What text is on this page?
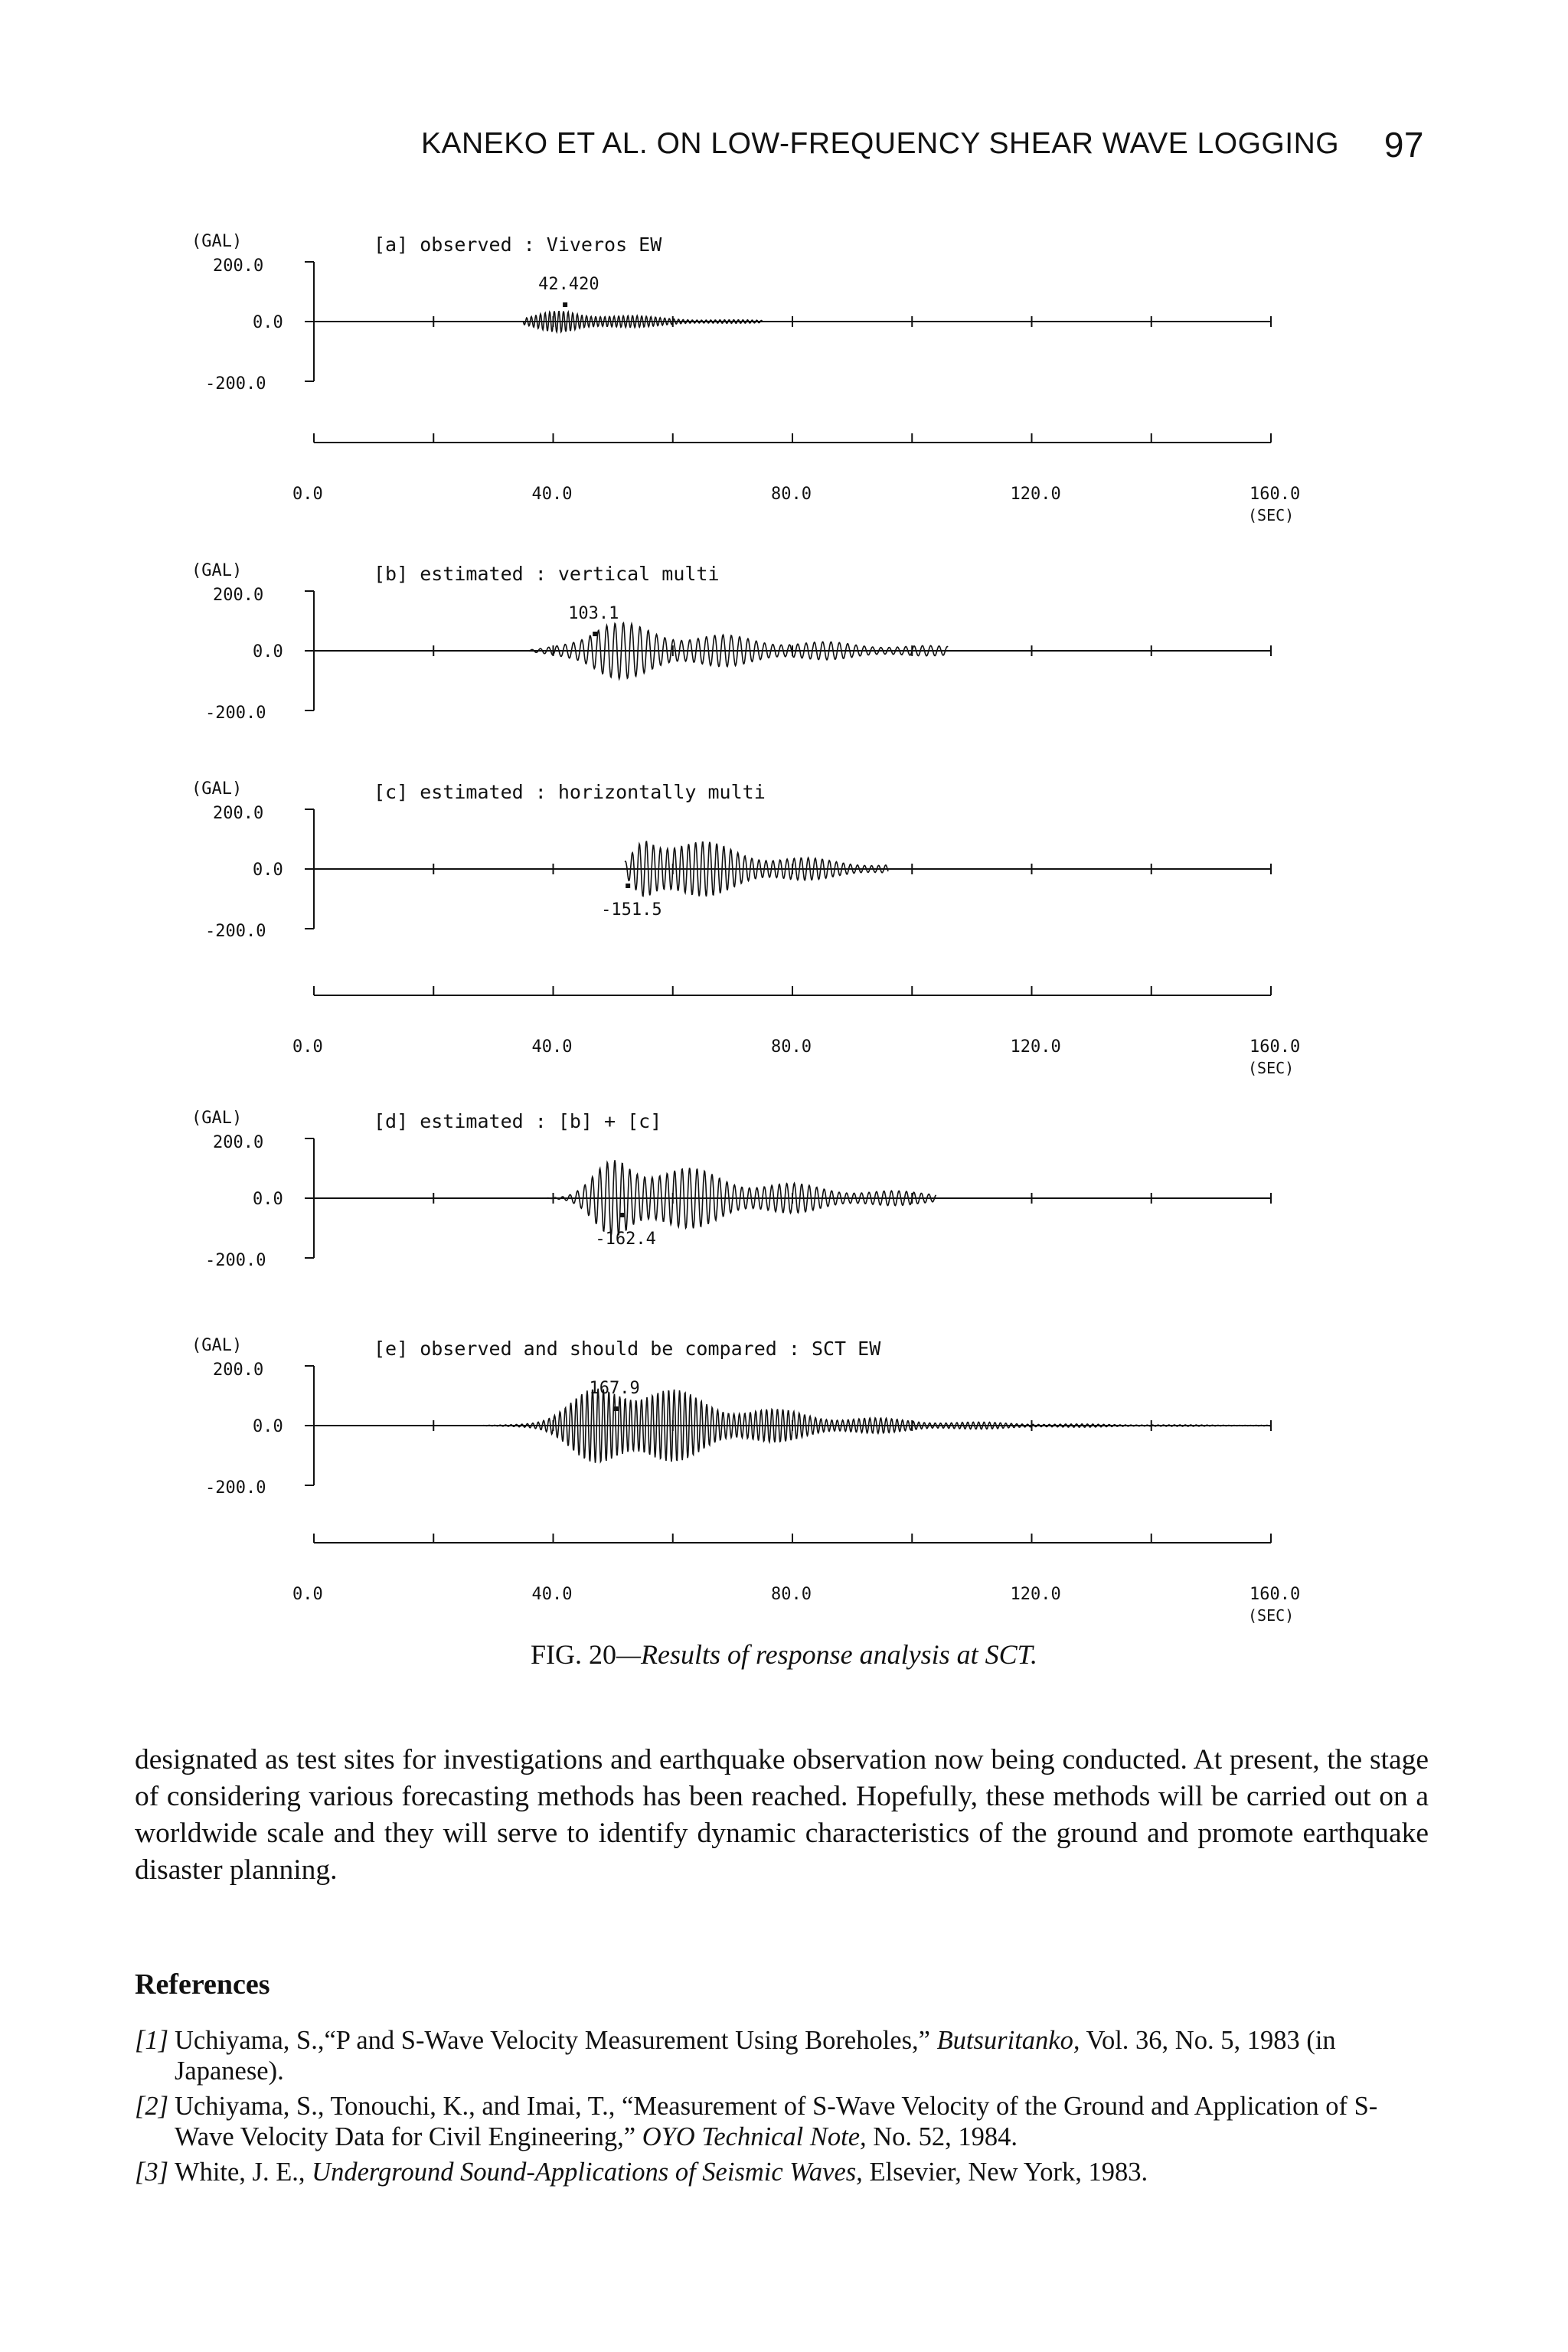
KANEKO ET AL. ON LOW-FREQUENCY SHEAR WAVE LOGGING 97
(GAL)
200.0
0.0
-200.0
[a] observed : Viveros EW
42.420
(GAL)
200.0
0.0
-200.0
[b] estimated : vertical multi
103.1
(GAL)
200.0
0.0
-200.0
[c] estimated : horizontally multi
-151.5
(GAL)
200.0
0.0
-200.0
[d] estimated : [b] + [c]
-162.4
(GAL)
200.0
0.0
-200.0
[e] observed and should be compared : SCT EW
167.9
0.0	40.0	80.0	120.0	160.0
(SEC)
0.0	40.0	80.0	120.0	160.0
(SEC)
0.0	40.0	80.0	120.0	160.0
(SEC)
FIG. 20—Results of response analysis at SCT.

designated as test sites for investigations and earthquake observation now being conducted. At present, the stage of considering various forecasting methods has been reached. Hopefully, these methods will be carried out on a worldwide scale and they will serve to identify dynamic characteristics of the ground and promote earthquake disaster planning.

References
[1] Uchiyama, S.,“P and S-Wave Velocity Measurement Using Boreholes,” Butsuritanko, Vol. 36, No. 5, 1983 (in Japanese).
[2] Uchiyama, S., Tonouchi, K., and Imai, T., “Measurement of S-Wave Velocity of the Ground and Application of S-Wave Velocity Data for Civil Engineering,” OYO Technical Note, No. 52, 1984.
[3] White, J. E., Underground Sound-Applications of Seismic Waves, Elsevier, New York, 1983.
